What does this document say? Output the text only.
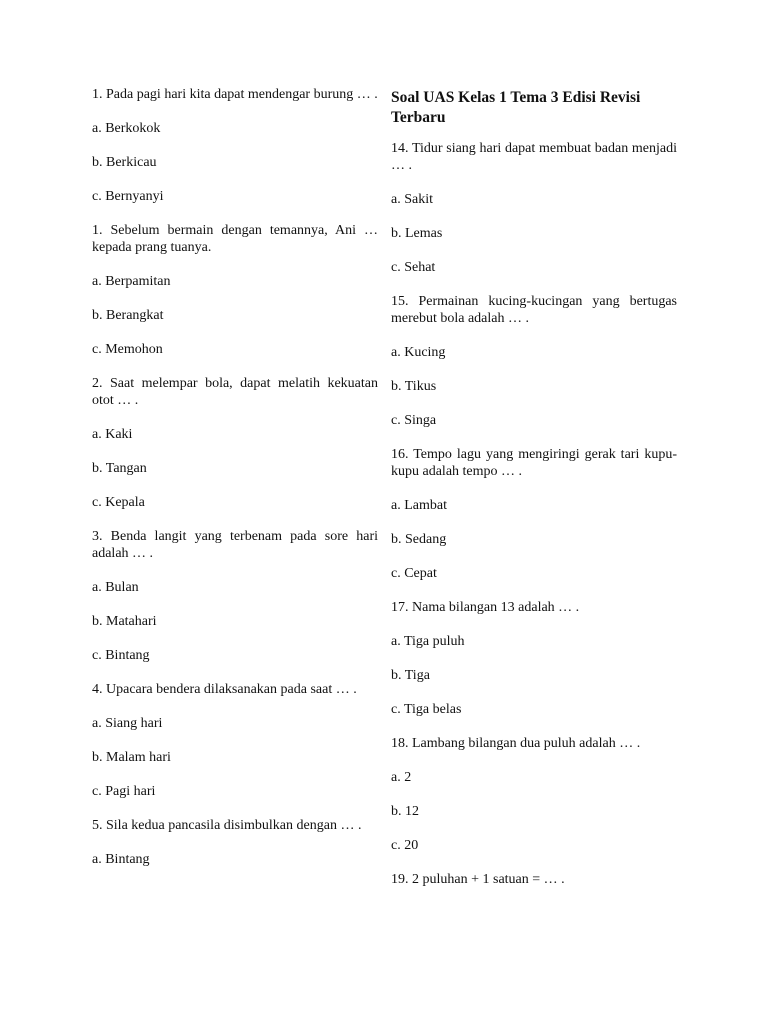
1. Pada pagi hari kita dapat mendengar burung … .

a. Berkokok

b. Berkicau

c. Bernyanyi

1. Sebelum bermain dengan temannya, Ani … kepada prang tuanya.

a. Berpamitan

b. Berangkat

c. Memohon

2. Saat melempar bola, dapat melatih kekuatan otot … .

a. Kaki

b. Tangan

c. Kepala

3. Benda langit yang terbenam pada sore hari adalah … .

a. Bulan

b. Matahari

c. Bintang

4. Upacara bendera dilaksanakan pada saat … .

a. Siang hari

b. Malam hari

c. Pagi hari

5. Sila kedua pancasila disimbulkan dengan … .

a. Bintang

Soal UAS Kelas 1 Tema 3 Edisi Revisi Terbaru

14. Tidur siang hari dapat membuat badan menjadi … .

a. Sakit

b. Lemas

c. Sehat

15. Permainan kucing-kucingan yang bertugas merebut bola adalah … .

a. Kucing

b. Tikus

c. Singa

16. Tempo lagu yang mengiringi gerak tari kupu-kupu adalah tempo … .

a. Lambat

b. Sedang

c. Cepat

17. Nama bilangan 13 adalah … .

a. Tiga puluh

b. Tiga

c. Tiga belas

18. Lambang bilangan dua puluh adalah … .

a. 2

b. 12

c. 20

19. 2 puluhan + 1 satuan = … .
